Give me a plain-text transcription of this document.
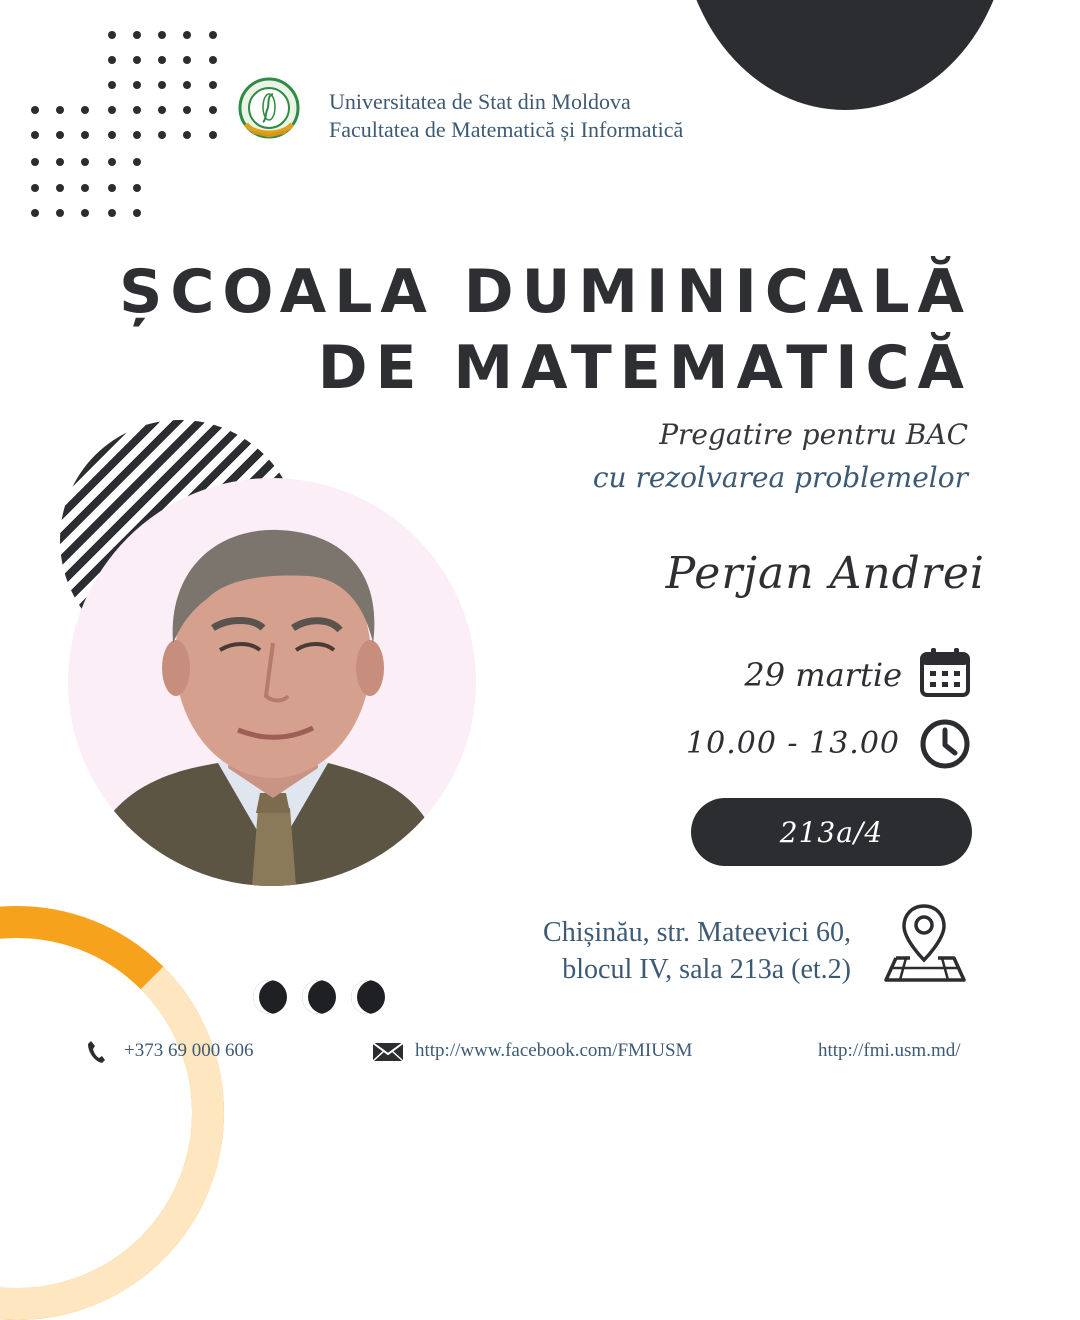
Universitatea de Stat din Moldova
Facultatea de Matematică și Informatică
ȘCOALA DUMINICALĂ
DE MATEMATICĂ
Pregatire pentru BAC
cu rezolvarea problemelor
Perjan Andrei
29 martie
10.00 - 13.00
213a/4
Chișinău, str. Mateevici 60,
blocul IV, sala 213a (et.2)
+373 69 000 606	http://www.facebook.com/FMIUSM	http://fmi.usm.md/
